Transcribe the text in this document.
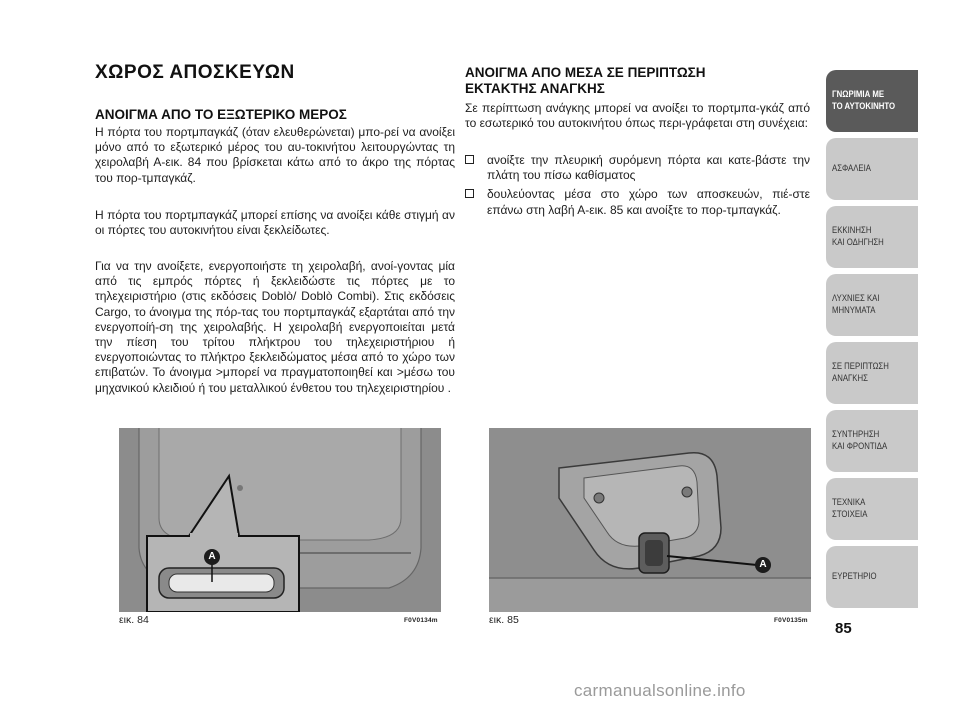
ΧΩΡΟΣ ΑΠΟΣΚΕΥΩΝ
ΑΝΟΙΓΜΑ ΑΠΟ ΤΟ ΕΞΩΤΕΡΙΚΟ ΜΕΡΟΣ

Η πόρτα του πορτμπαγκάζ (όταν ελευθερώνεται) μπο-ρεί να ανοίξει μόνο από το εξωτερικό μέρος του αυ-τοκινήτου λειτουργώντας τη χειρολαβή Α-εικ. 84 που βρίσκεται κάτω από το άκρο της πόρτας του πορ-τμπαγκάζ.

Η πόρτα του πορτμπαγκάζ μπορεί επίσης να ανοίξει κάθε στιγμή αν οι πόρτες του αυτοκινήτου είναι ξεκλείδωτες.

Για να την ανοίξετε, ενεργοποιήστε τη χειρολαβή, ανοί-γοντας μία από τις εμπρός πόρτες ή ξεκλειδώστε τις πόρτες με το τηλεχειριστήριο (στις εκδόσεις Doblò/ Doblò Combi). Στις εκδόσεις Cargo, το άνοιγμα της πόρ-τας του πορτμπαγκάζ εξαρτάται από την ενεργοποίή-ση της χειρολαβής. Η χειρολαβή ενεργοποιείται μετά την πίεση του τρίτου πλήκτρου του τηλεχειριστήριου ή ενεργοποιώντας το πλήκτρο ξεκλειδώματος μέσα από το χώρο των επιβατών. Το άνοιγμα >μπορεί να πραγματοποιηθεί και >μέσω του μηχανικού κλειδιού ή του μεταλλικού ένθετου του τηλεχειριστηρίου .

ΑΝΟΙΓΜΑ ΑΠΟ ΜΕΣΑ ΣΕ ΠΕΡΙΠΤΩΣΗ
ΕΚΤΑΚΤΗΣ ΑΝΑΓΚΗΣ

Σε περίπτωση ανάγκης μπορεί να ανοίξει το πορτμπα-γκάζ από το εσωτερικό του αυτοκινήτου όπως περι-γράφεται στη συνέχεια:

ανοίξτε την πλευρική συρόμενη πόρτα και κατε-βάστε την πλάτη του πίσω καθίσματος
δουλεύοντας μέσα στο χώρο των αποσκευών, πιέ-στε επάνω στη λαβή Α-εικ. 85 και ανοίξτε το πορ-τμπαγκάζ.
A
εικ. 84	F0V0134m
A
εικ. 85	F0V0135m
ΓΝΩΡΙΜΙΑ ΜΕ
ΤΟ ΑΥΤΟΚΙΝΗΤΟ
ΑΣΦΑΛΕΙΑ
ΕΚΚΙΝΗΣΗ
ΚΑΙ ΟΔΗΓΗΣΗ
ΛΥΧΝΙΕΣ ΚΑΙ
ΜΗΝΥΜΑΤΑ
ΣΕ ΠΕΡΙΠΤΩΣΗ
ΑΝΑΓΚΗΣ
ΣΥΝΤΗΡΗΣΗ
ΚΑΙ ΦΡΟΝΤΙΔΑ
ΤΕΧΝΙΚΑ
ΣΤΟΙΧΕΙΑ
ΕΥΡΕΤΗΡΙΟ
85
carmanualsonline.info
